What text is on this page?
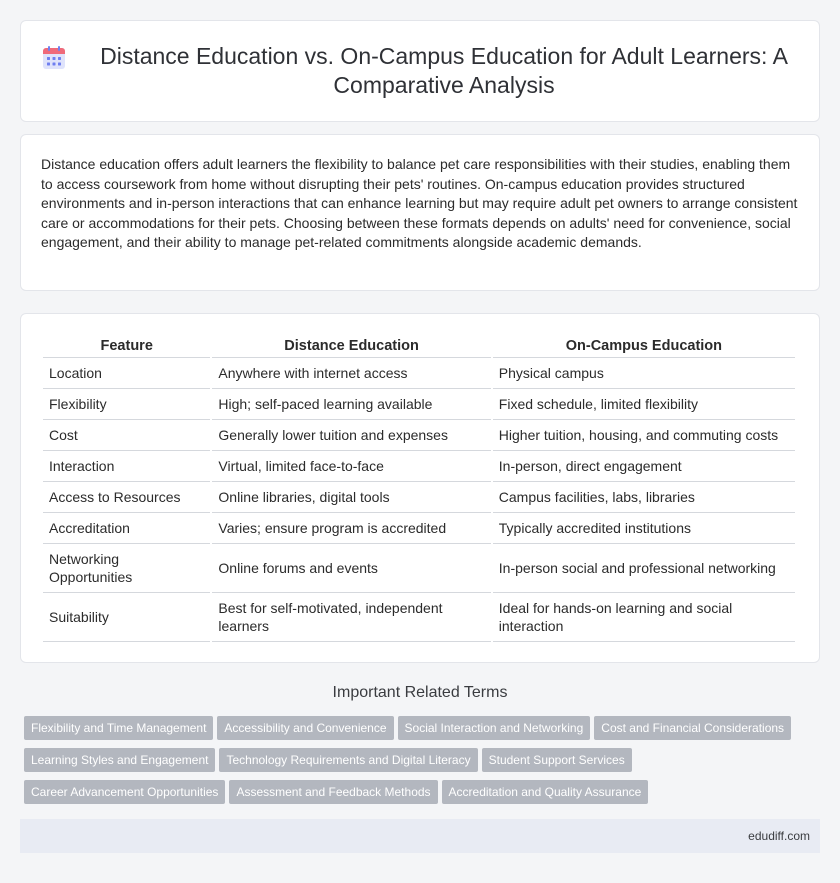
Distance Education vs. On-Campus Education for Adult Learners: A Comparative Analysis

Distance education offers adult learners the flexibility to balance pet care responsibilities with their studies, enabling them to access coursework from home without disrupting their pets' routines. On-campus education provides structured environments and in-person interactions that can enhance learning but may require adult pet owners to arrange consistent care or accommodations for their pets. Choosing between these formats depends on adults' need for convenience, social engagement, and their ability to manage pet-related commitments alongside academic demands.

Feature	Distance Education	On-Campus Education
Location	Anywhere with internet access	Physical campus
Flexibility	High; self-paced learning available	Fixed schedule, limited flexibility
Cost	Generally lower tuition and expenses	Higher tuition, housing, and commuting costs
Interaction	Virtual, limited face-to-face	In-person, direct engagement
Access to Resources	Online libraries, digital tools	Campus facilities, labs, libraries
Accreditation	Varies; ensure program is accredited	Typically accredited institutions
Networking Opportunities	Online forums and events	In-person social and professional networking
Suitability	Best for self-motivated, independent learners	Ideal for hands-on learning and social interaction
Important Related Terms
Flexibility and Time Management	Accessibility and Convenience	Social Interaction and Networking	Cost and Financial Considerations
Learning Styles and Engagement	Technology Requirements and Digital Literacy	Student Support Services
Career Advancement Opportunities	Assessment and Feedback Methods	Accreditation and Quality Assurance
edudiff.com
